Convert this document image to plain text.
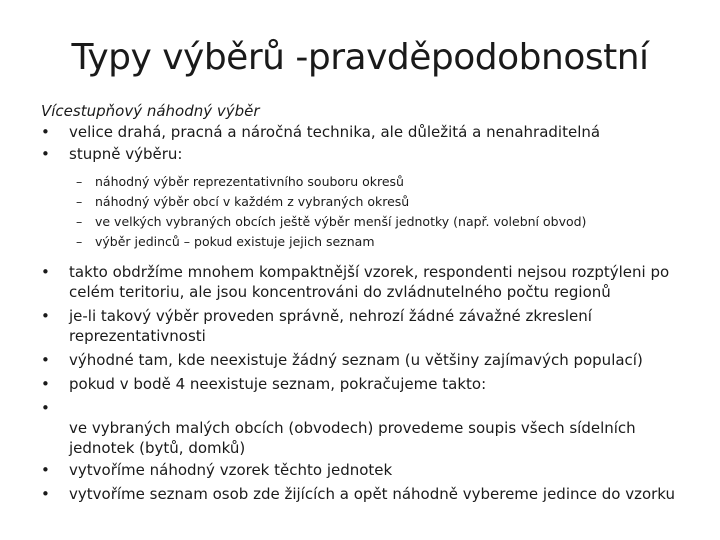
Typy výběrů -pravděpodobnostní
Vícestupňový náhodný výběr
• velice drahá, pracná a náročná technika, ale důležitá a nenahraditelná
• stupně výběru:
– náhodný výběr reprezentativního souboru okresů
– náhodný výběr obcí v každém z vybraných okresů
– ve velkých vybraných obcích ještě výběr menší jednotky (např. volební obvod)
– výběr jedinců – pokud existuje jejich seznam
• takto obdržíme mnohem kompaktnější vzorek, respondenti nejsou rozptýleni po celém teritoriu, ale jsou koncentrováni do zvládnutelného počtu regionů
• je-li takový výběr proveden správně, nehrozí žádné závažné zkreslení reprezentativnosti
• výhodné tam, kde neexistuje žádný seznam (u většiny zajímavých populací)
• pokud v bodě 4 neexistuje seznam, pokračujeme takto:
•
ve vybraných malých obcích (obvodech) provedeme soupis všech sídelních jednotek (bytů, domků)
• vytvoříme náhodný vzorek těchto jednotek
• vytvoříme seznam osob zde žijících a opět náhodně vybereme jedince do vzorku
